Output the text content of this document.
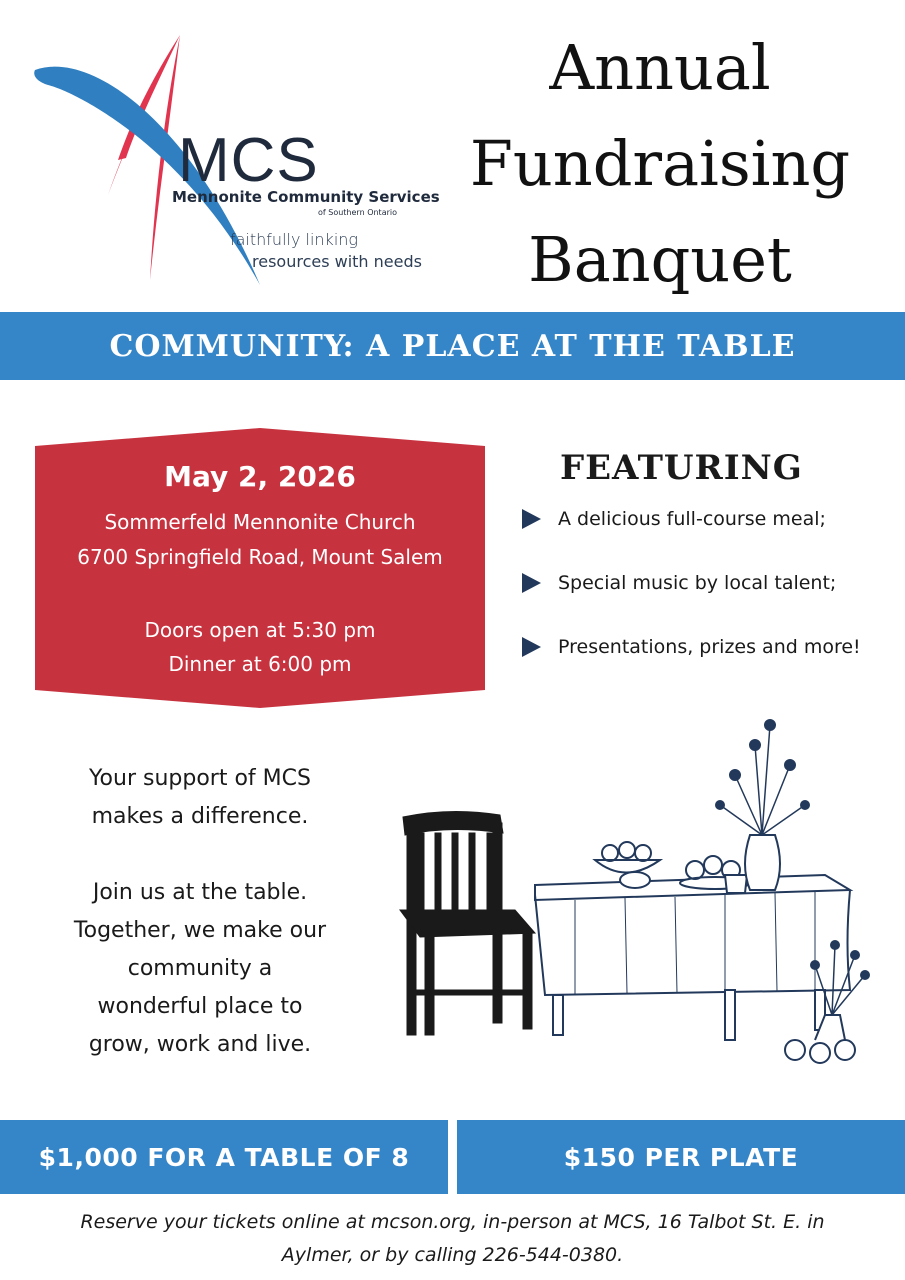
MCS
Mennonite Community Services
of Southern Ontario
faithfully linking
resources with needs
Annual
Fundraising
Banquet
COMMUNITY: A PLACE AT THE TABLE
May 2, 2026
Sommerfeld Mennonite Church
6700 Springfield Road, Mount Salem
Doors open at 5:30 pm
Dinner at 6:00 pm
FEATURING
A delicious full-course meal;
Special music by local talent;
Presentations, prizes and more!
Your support of MCS
makes a difference.
Join us at the table.
Together, we make our
community a
wonderful place to
grow, work and live.
$1,000 FOR A TABLE OF 8	$150 PER PLATE
Reserve your tickets online at mcson.org, in-person at MCS, 16 Talbot St. E. in
Aylmer, or by calling 226-544-0380.
